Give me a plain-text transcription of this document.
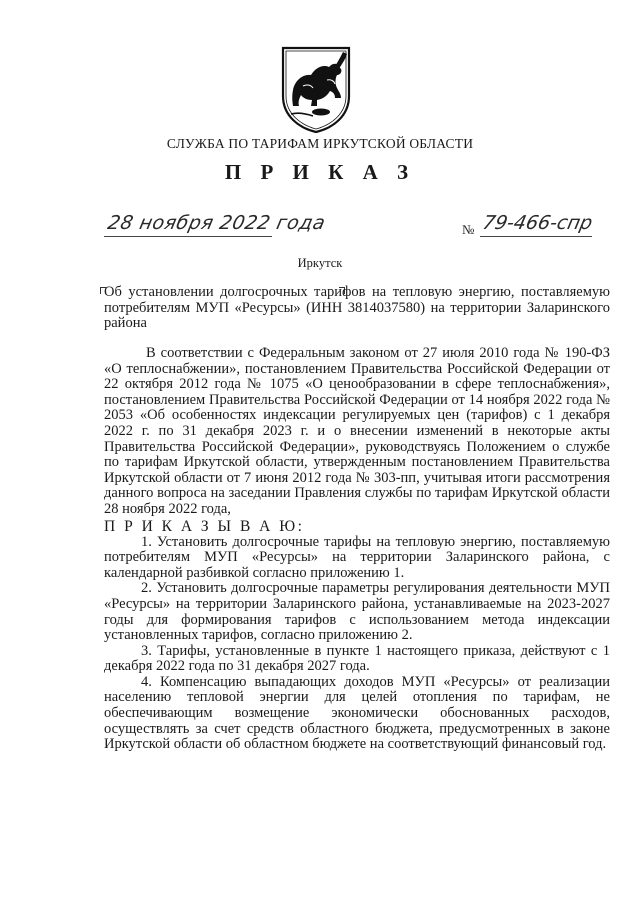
СЛУЖБА ПО ТАРИФАМ ИРКУТСКОЙ ОБЛАСТИ
П Р И К А З
28 ноября 2022 года	№ 79-466-спр
Иркутск
Об установлении долгосрочных тарифов на тепловую энергию, поставляемую потребителям МУП «Ресурсы» (ИНН 3814037580) на территории Заларинского района

В соответствии с Федеральным законом от 27 июля 2010 года № 190-ФЗ «О теплоснабжении», постановлением Правительства Российской Федерации от 22 октября 2012 года № 1075 «О ценообразовании в сфере теплоснабжения», постановлением Правительства Российской Федерации от 14 ноября 2022 года № 2053 «Об особенностях индексации регулируемых цен (тарифов) с 1 декабря 2022 г. по 31 декабря 2023 г. и о внесении изменений в некоторые акты Правительства Российской Федерации», руководствуясь Положением о службе по тарифам Иркутской области, утвержденным постановлением Правительства Иркутской области от 7 июня 2012 года № 303-пп, учитывая итоги рассмотрения данного вопроса на заседании Правления службы по тарифам Иркутской области 28 ноября 2022 года,

П Р И К А З Ы В А Ю:

1. Установить долгосрочные тарифы на тепловую энергию, поставляемую потребителям МУП «Ресурсы» на территории Заларинского района, с календарной разбивкой согласно приложению 1.

2. Установить долгосрочные параметры регулирования деятельности МУП «Ресурсы» на территории Заларинского района, устанавливаемые на 2023-2027 годы для формирования тарифов с использованием метода индексации установленных тарифов, согласно приложению 2.

3. Тарифы, установленные в пункте 1 настоящего приказа, действуют с 1 декабря 2022 года по 31 декабря 2027 года.

4. Компенсацию выпадающих доходов МУП «Ресурсы» от реализации населению тепловой энергии для целей отопления по тарифам, не обеспечивающим возмещение экономически обоснованных расходов, осуществлять за счет средств областного бюджета, предусмотренных в законе Иркутской области об областном бюджете на соответствующий финансовый год.
